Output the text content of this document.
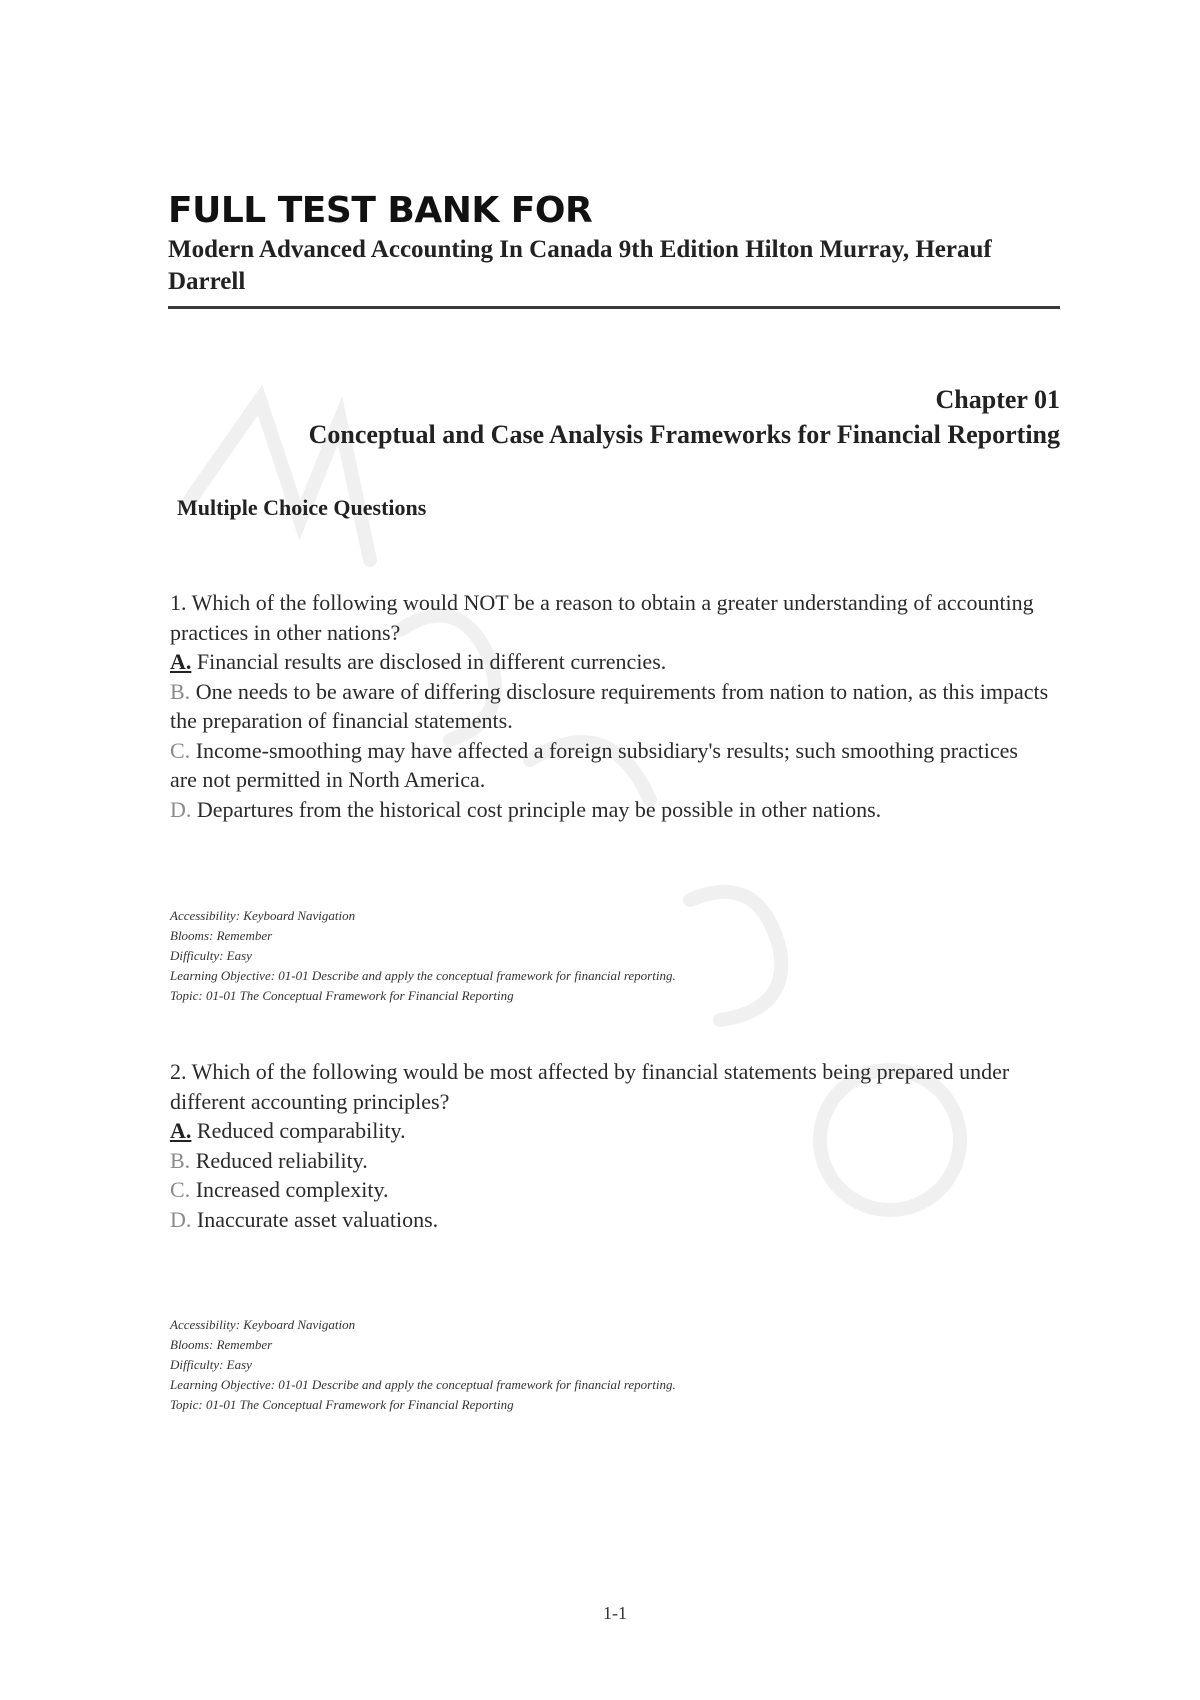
FULL TEST BANK FOR

Modern Advanced Accounting In Canada 9th Edition Hilton Murray, Herauf Darrell

Chapter 01

Conceptual and Case Analysis Frameworks for Financial Reporting

Multiple Choice Questions

1. Which of the following would NOT be a reason to obtain a greater understanding of accounting practices in other nations?

A. Financial results are disclosed in different currencies.

B. One needs to be aware of differing disclosure requirements from nation to nation, as this impacts the preparation of financial statements.

C. Income-smoothing may have affected a foreign subsidiary's results; such smoothing practices are not permitted in North America.

D. Departures from the historical cost principle may be possible in other nations.

Accessibility: Keyboard Navigation

Blooms: Remember

Difficulty: Easy

Learning Objective: 01-01 Describe and apply the conceptual framework for financial reporting.

Topic: 01-01 The Conceptual Framework for Financial Reporting

2. Which of the following would be most affected by financial statements being prepared under different accounting principles?

A. Reduced comparability.

B. Reduced reliability.

C. Increased complexity.

D. Inaccurate asset valuations.

Accessibility: Keyboard Navigation

Blooms: Remember

Difficulty: Easy

Learning Objective: 01-01 Describe and apply the conceptual framework for financial reporting.

Topic: 01-01 The Conceptual Framework for Financial Reporting

1-1
